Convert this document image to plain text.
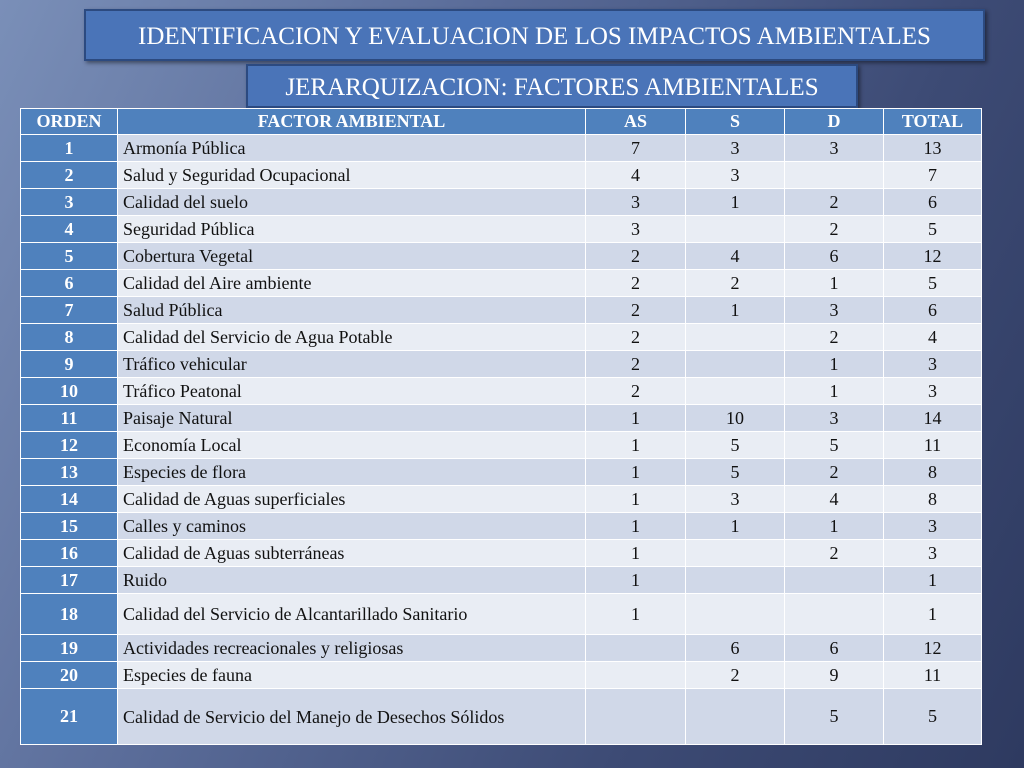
IDENTIFICACION Y EVALUACION DE LOS IMPACTOS AMBIENTALES
JERARQUIZACION: FACTORES AMBIENTALES
ORDEN	FACTOR AMBIENTAL	AS	S	D	TOTAL
1	Armonía Pública	7	3	3	13
2	Salud y Seguridad Ocupacional	4	3		7
3	Calidad del suelo	3	1	2	6
4	Seguridad Pública	3		2	5
5	Cobertura Vegetal	2	4	6	12
6	Calidad del Aire ambiente	2	2	1	5
7	Salud Pública	2	1	3	6
8	Calidad del Servicio de Agua Potable	2		2	4
9	Tráfico vehicular	2		1	3
10	Tráfico Peatonal	2		1	3
11	Paisaje Natural	1	10	3	14
12	Economía Local	1	5	5	11
13	Especies de flora	1	5	2	8
14	Calidad de Aguas superficiales	1	3	4	8
15	Calles y caminos	1	1	1	3
16	Calidad de Aguas subterráneas	1		2	3
17	Ruido	1			1
18	Calidad del Servicio de Alcantarillado Sanitario	1			1
19	Actividades recreacionales y religiosas		6	6	12
20	Especies de fauna		2	9	11
21	Calidad de Servicio del Manejo de Desechos Sólidos			5	5
